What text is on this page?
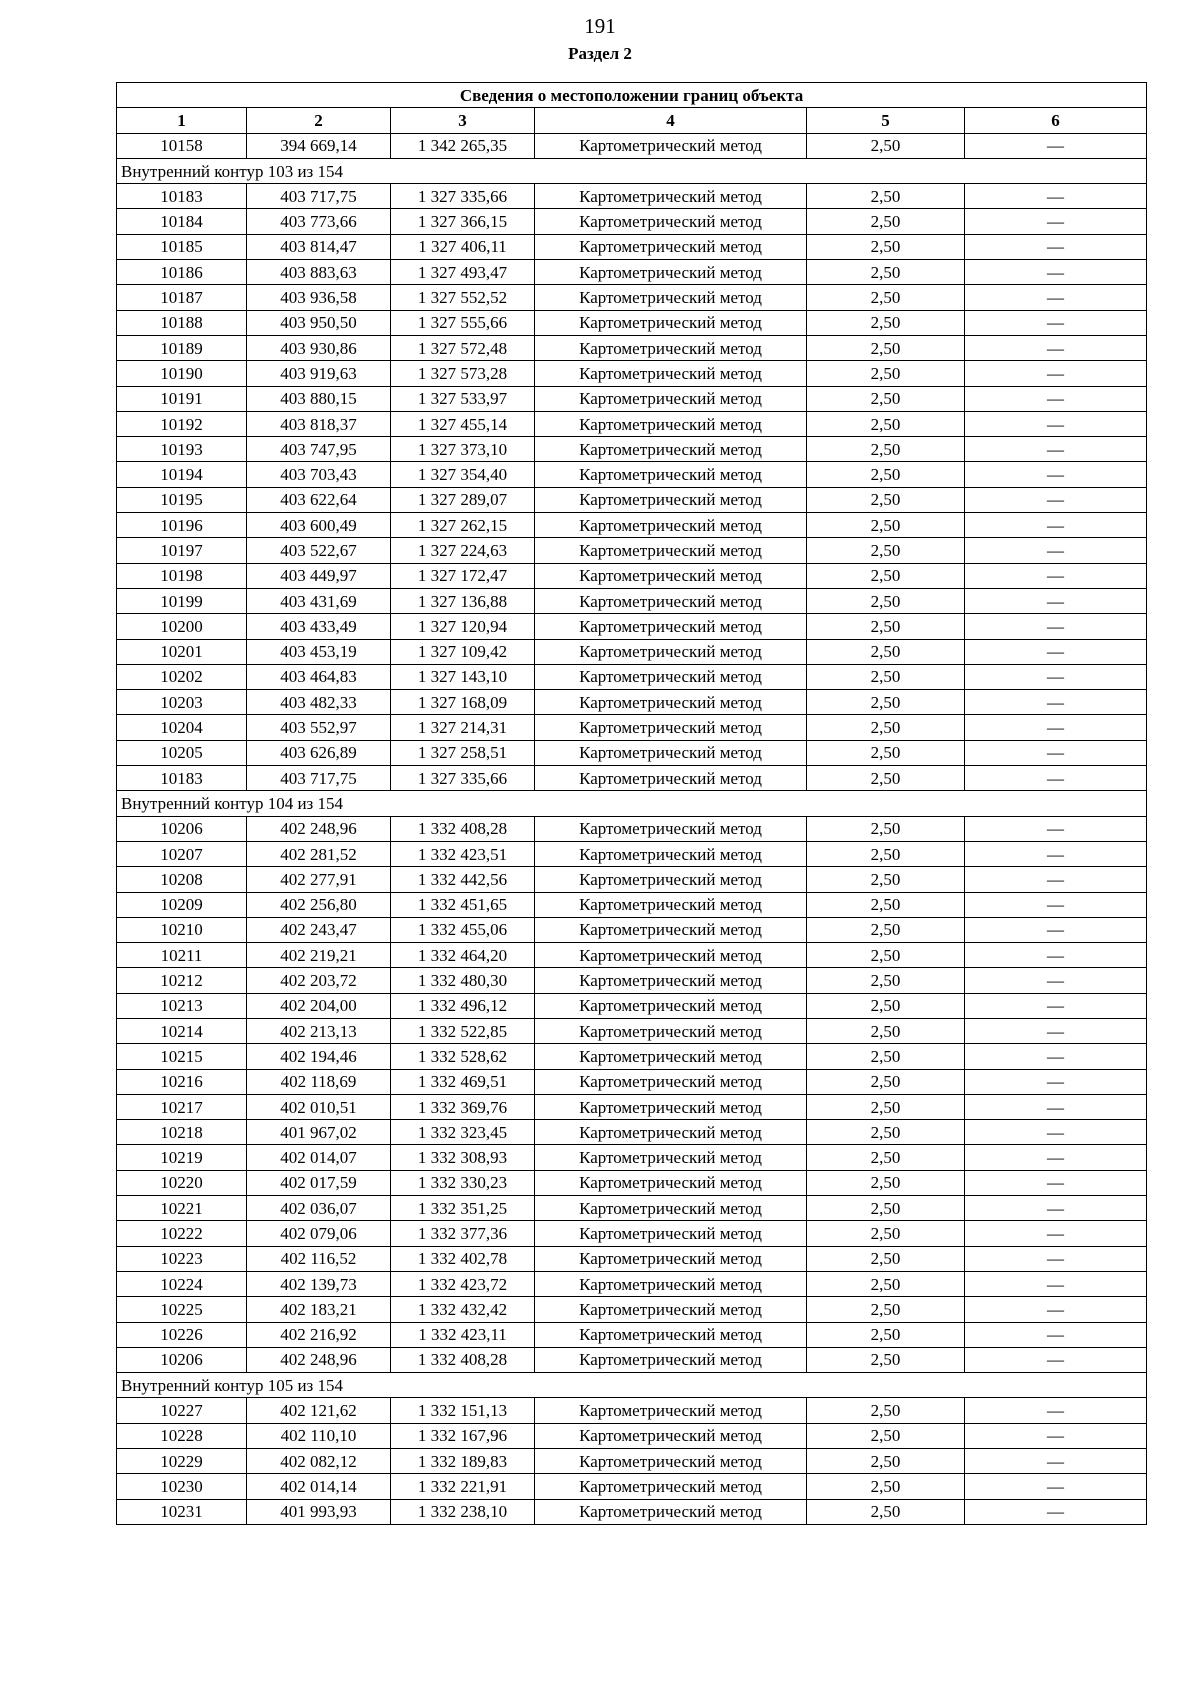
191
Раздел 2
Сведения о местоположении границ объекта					
1	2	3	4	5	6
10158	394 669,14	1 342 265,35	Картометрический метод	2,50	—
Внутренний контур 103 из 154					
10183	403 717,75	1 327 335,66	Картометрический метод	2,50	—
10184	403 773,66	1 327 366,15	Картометрический метод	2,50	—
10185	403 814,47	1 327 406,11	Картометрический метод	2,50	—
10186	403 883,63	1 327 493,47	Картометрический метод	2,50	—
10187	403 936,58	1 327 552,52	Картометрический метод	2,50	—
10188	403 950,50	1 327 555,66	Картометрический метод	2,50	—
10189	403 930,86	1 327 572,48	Картометрический метод	2,50	—
10190	403 919,63	1 327 573,28	Картометрический метод	2,50	—
10191	403 880,15	1 327 533,97	Картометрический метод	2,50	—
10192	403 818,37	1 327 455,14	Картометрический метод	2,50	—
10193	403 747,95	1 327 373,10	Картометрический метод	2,50	—
10194	403 703,43	1 327 354,40	Картометрический метод	2,50	—
10195	403 622,64	1 327 289,07	Картометрический метод	2,50	—
10196	403 600,49	1 327 262,15	Картометрический метод	2,50	—
10197	403 522,67	1 327 224,63	Картометрический метод	2,50	—
10198	403 449,97	1 327 172,47	Картометрический метод	2,50	—
10199	403 431,69	1 327 136,88	Картометрический метод	2,50	—
10200	403 433,49	1 327 120,94	Картометрический метод	2,50	—
10201	403 453,19	1 327 109,42	Картометрический метод	2,50	—
10202	403 464,83	1 327 143,10	Картометрический метод	2,50	—
10203	403 482,33	1 327 168,09	Картометрический метод	2,50	—
10204	403 552,97	1 327 214,31	Картометрический метод	2,50	—
10205	403 626,89	1 327 258,51	Картометрический метод	2,50	—
10183	403 717,75	1 327 335,66	Картометрический метод	2,50	—
Внутренний контур 104 из 154					
10206	402 248,96	1 332 408,28	Картометрический метод	2,50	—
10207	402 281,52	1 332 423,51	Картометрический метод	2,50	—
10208	402 277,91	1 332 442,56	Картометрический метод	2,50	—
10209	402 256,80	1 332 451,65	Картометрический метод	2,50	—
10210	402 243,47	1 332 455,06	Картометрический метод	2,50	—
10211	402 219,21	1 332 464,20	Картометрический метод	2,50	—
10212	402 203,72	1 332 480,30	Картометрический метод	2,50	—
10213	402 204,00	1 332 496,12	Картометрический метод	2,50	—
10214	402 213,13	1 332 522,85	Картометрический метод	2,50	—
10215	402 194,46	1 332 528,62	Картометрический метод	2,50	—
10216	402 118,69	1 332 469,51	Картометрический метод	2,50	—
10217	402 010,51	1 332 369,76	Картометрический метод	2,50	—
10218	401 967,02	1 332 323,45	Картометрический метод	2,50	—
10219	402 014,07	1 332 308,93	Картометрический метод	2,50	—
10220	402 017,59	1 332 330,23	Картометрический метод	2,50	—
10221	402 036,07	1 332 351,25	Картометрический метод	2,50	—
10222	402 079,06	1 332 377,36	Картометрический метод	2,50	—
10223	402 116,52	1 332 402,78	Картометрический метод	2,50	—
10224	402 139,73	1 332 423,72	Картометрический метод	2,50	—
10225	402 183,21	1 332 432,42	Картометрический метод	2,50	—
10226	402 216,92	1 332 423,11	Картометрический метод	2,50	—
10206	402 248,96	1 332 408,28	Картометрический метод	2,50	—
Внутренний контур 105 из 154					
10227	402 121,62	1 332 151,13	Картометрический метод	2,50	—
10228	402 110,10	1 332 167,96	Картометрический метод	2,50	—
10229	402 082,12	1 332 189,83	Картометрический метод	2,50	—
10230	402 014,14	1 332 221,91	Картометрический метод	2,50	—
10231	401 993,93	1 332 238,10	Картометрический метод	2,50	—
